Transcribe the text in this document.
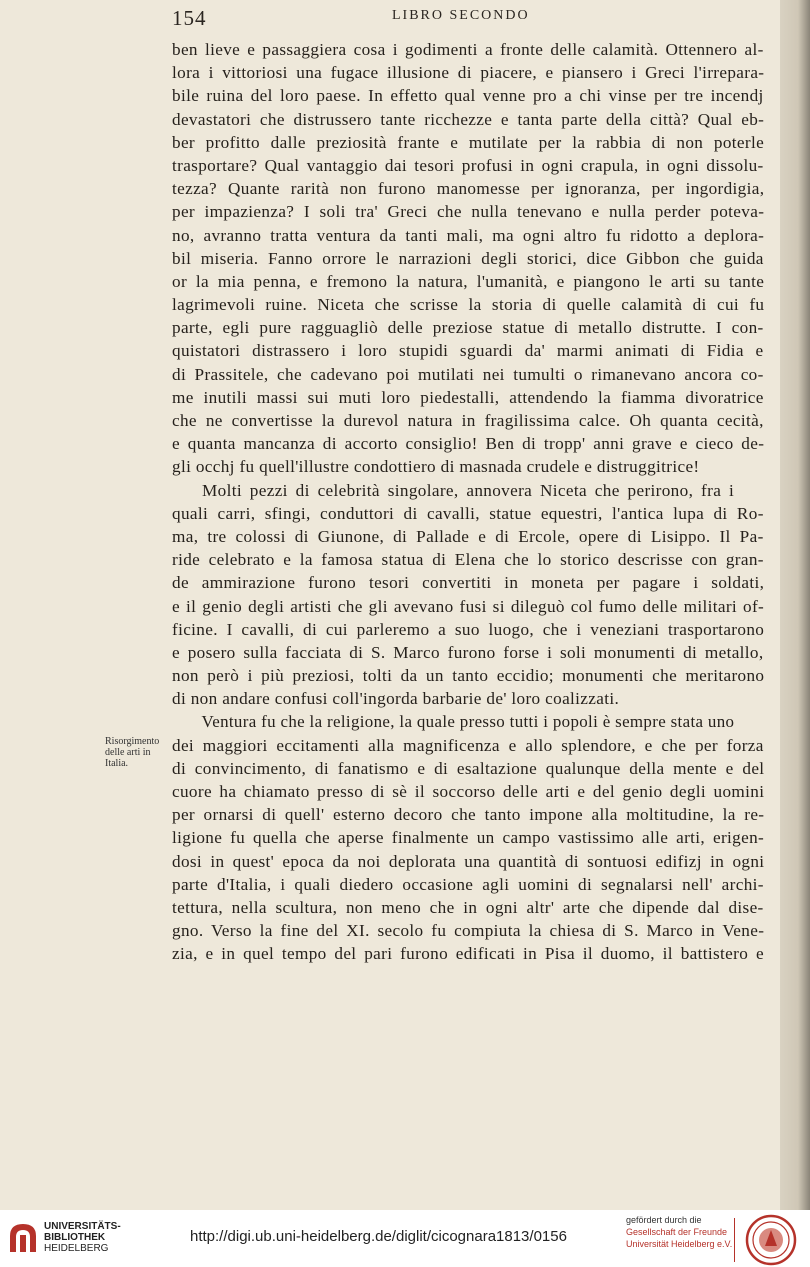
154	LIBRO SECONDO
Risorgimento
delle arti in
Italia.
ben lieve e passaggiera cosa i godimenti a fronte delle calamità. Ottennero al-
lora i vittoriosi una fugace illusione di piacere, e piansero i Greci l'irrepara-
bile ruina del loro paese. In effetto qual venne pro a chi vinse per tre incendj
devastatori che distrussero tante ricchezze e tanta parte della città? Qual eb-
ber profitto dalle preziosità frante e mutilate per la rabbia di non poterle
trasportare? Qual vantaggio dai tesori profusi in ogni crapula, in ogni dissolu-
tezza? Quante rarità non furono manomesse per ignoranza, per ingordigia,
per impazienza? I soli tra' Greci che nulla tenevano e nulla perder poteva-
no, avranno tratta ventura da tanti mali, ma ogni altro fu ridotto a deplora-
bil miseria. Fanno orrore le narrazioni degli storici, dice Gibbon che guida
or la mia penna, e fremono la natura, l'umanità, e piangono le arti su tante
lagrimevoli ruine. Niceta che scrisse la storia di quelle calamità di cui fu
parte, egli pure ragguagliò delle preziose statue di metallo distrutte. I con-
quistatori distrassero i loro stupidi sguardi da' marmi animati di Fidia e
di Prassitele, che cadevano poi mutilati nei tumulti o rimanevano ancora co-
me inutili massi sui muti loro piedestalli, attendendo la fiamma divoratrice
che ne convertisse la durevol natura in fragilissima calce. Oh quanta cecità,
e quanta mancanza di accorto consiglio! Ben di tropp' anni grave e cieco de-
gli occhj fu quell'illustre condottiero di masnada crudele e distruggitrice!
Molti pezzi di celebrità singolare, annovera Niceta che perirono, fra i
quali carri, sfingi, conduttori di cavalli, statue equestri, l'antica lupa di Ro-
ma, tre colossi di Giunone, di Pallade e di Ercole, opere di Lisippo. Il Pa-
ride celebrato e la famosa statua di Elena che lo storico descrisse con gran-
de ammirazione furono tesori convertiti in moneta per pagare i soldati,
e il genio degli artisti che gli avevano fusi si dileguò col fumo delle militari of-
ficine. I cavalli, di cui parleremo a suo luogo, che i veneziani trasportarono
e posero sulla facciata di S. Marco furono forse i soli monumenti di metallo,
non però i più preziosi, tolti da un tanto eccidio; monumenti che meritarono
di non andare confusi coll'ingorda barbarie de' loro coalizzati.
Ventura fu che la religione, la quale presso tutti i popoli è sempre stata uno
dei maggiori eccitamenti alla magnificenza e allo splendore, e che per forza
di convincimento, di fanatismo e di esaltazione qualunque della mente e del
cuore ha chiamato presso di sè il soccorso delle arti e del genio degli uomini
per ornarsi di quell' esterno decoro che tanto impone alla moltitudine, la re-
ligione fu quella che aperse finalmente un campo vastissimo alle arti, erigen-
dosi in quest' epoca da noi deplorata una quantità di sontuosi edifizj in ogni
parte d'Italia, i quali diedero occasione agli uomini di segnalarsi nell' archi-
tettura, nella scultura, non meno che in ogni altr' arte che dipende dal dise-
gno. Verso la fine del XI. secolo fu compiuta la chiesa di S. Marco in Vene-
zia, e in quel tempo del pari furono edificati in Pisa il duomo, il battistero e
UNIVERSITÄTS-
BIBLIOTHEK
HEIDELBERG
http://digi.ub.uni-heidelberg.de/diglit/cicognara1813/0156
gefördert durch die
Gesellschaft der Freunde
Universität Heidelberg e.V.
